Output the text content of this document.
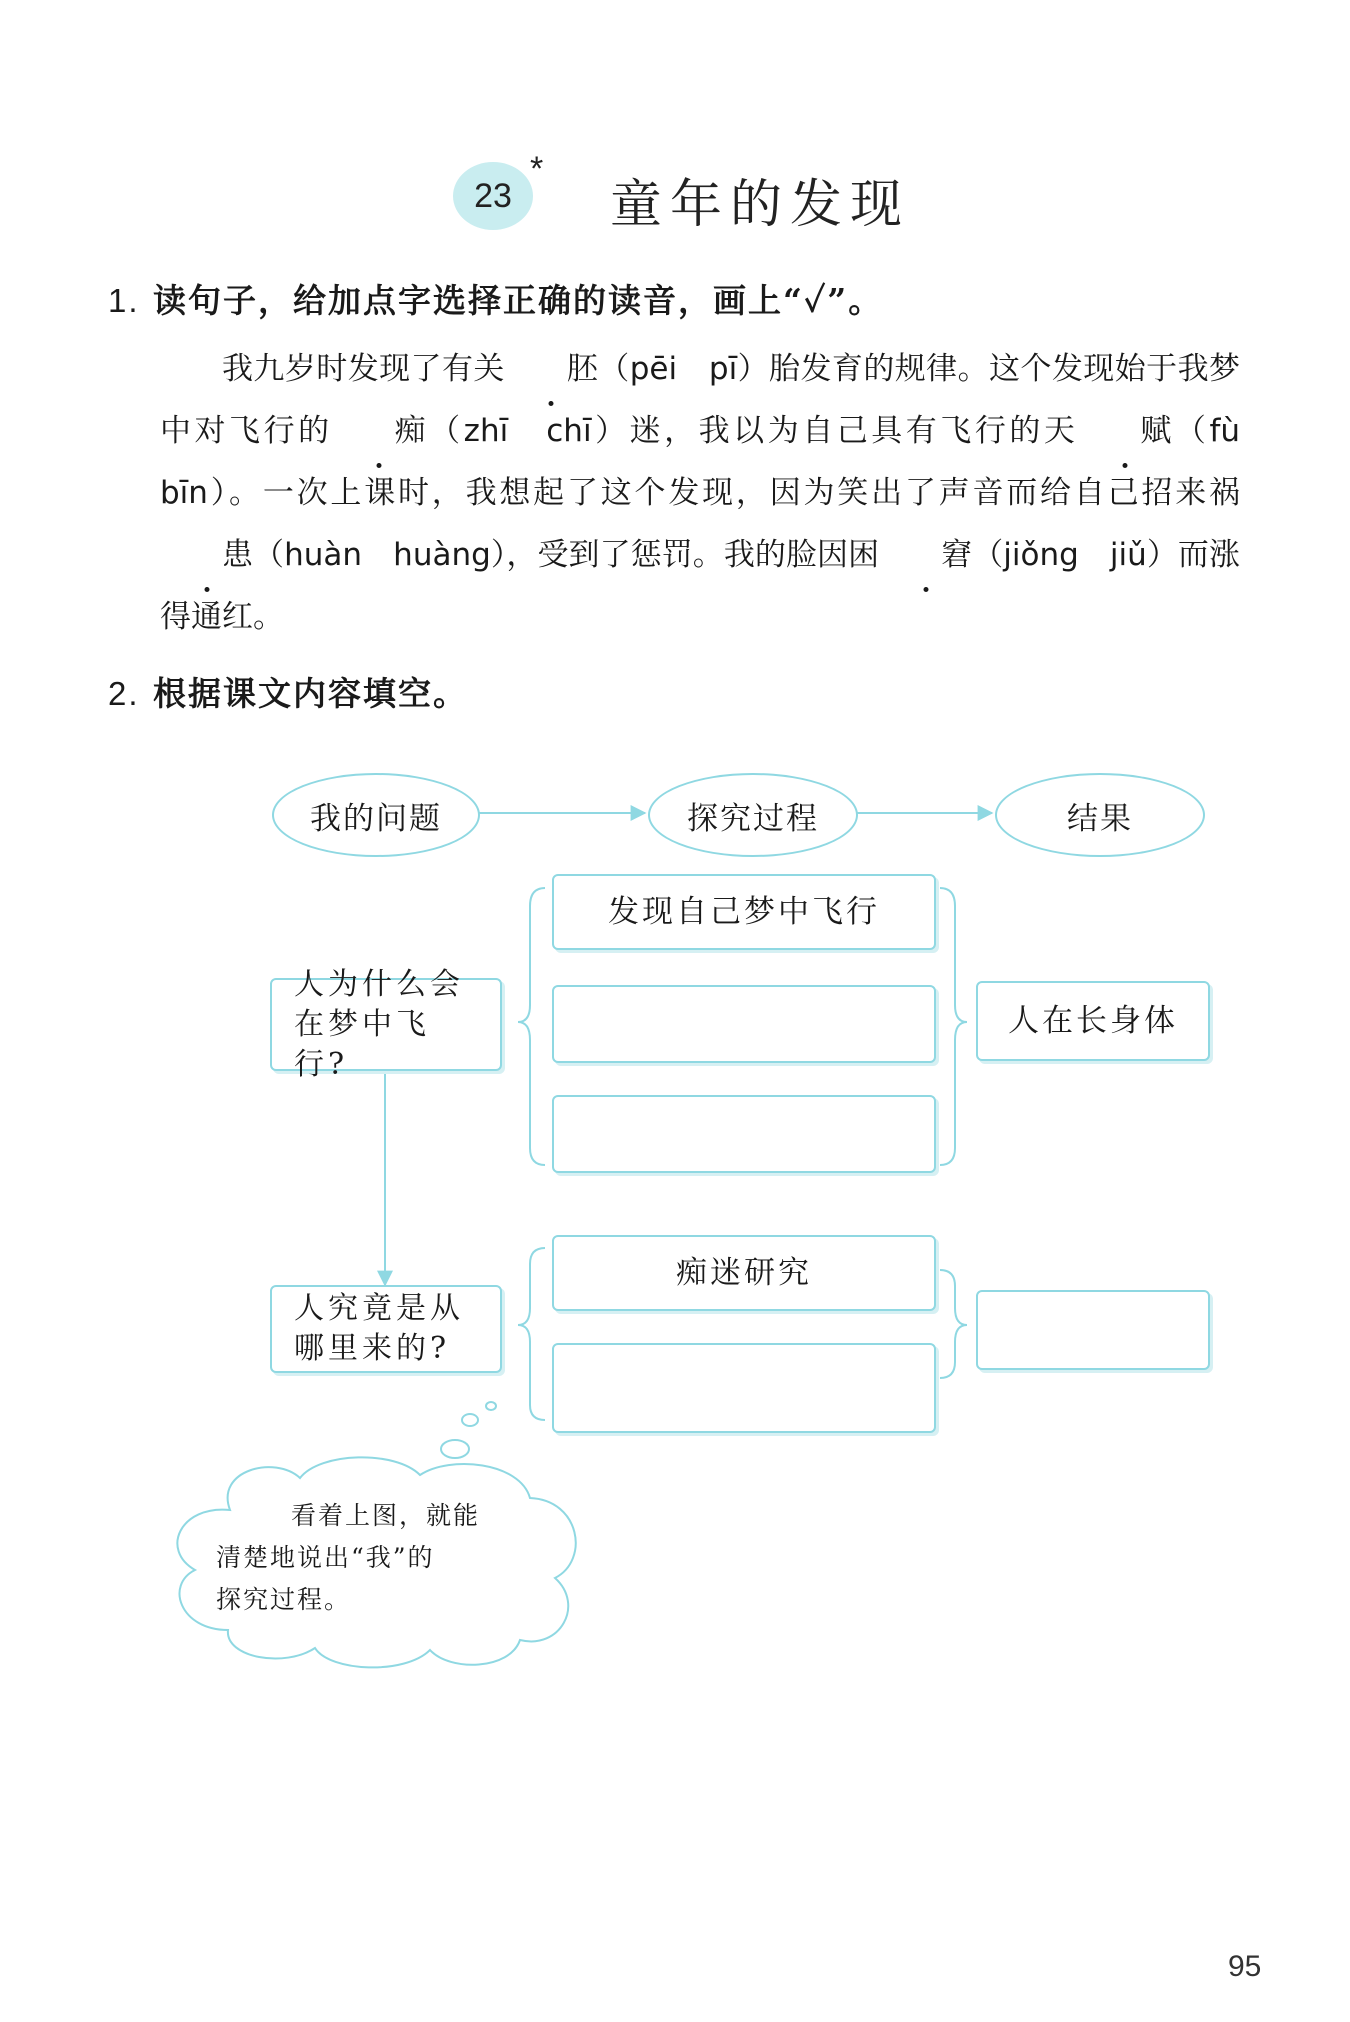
23
*
童年的发现
1. 读句子，给加点字选择正确的读音，画上“✓”。

我九岁时发现了有关 胚（pēi　pī）胎发育的规律。这个发现始于我梦中对飞行的 痴（zhī　chī）迷，我以为自己具有飞行的天 赋（fù　bīn）。一次上课时，我想起了这个发现，因为笑出了声音而给自己招来祸患（huàn　huàng），受到了惩罚。我的脸因困 窘（jiǒng　jiǔ）而涨得通红。

2. 根据课文内容填空。
我的问题	探究过程	结果
人为什么会在梦中飞行?
发现自己梦中飞行
人在长身体
人究竟是从哪里来的?
痴迷研究

看着上图，就能

清楚地说出“我”的

探究过程。

95
